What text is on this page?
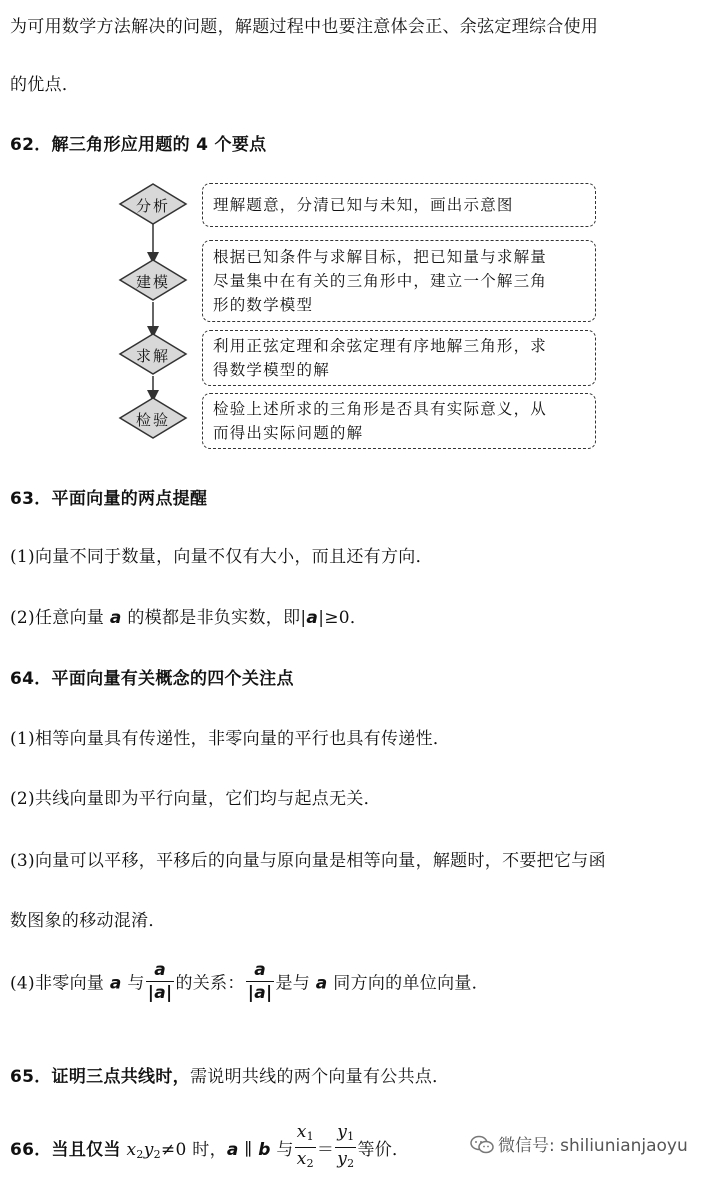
为可用数学方法解决的问题，解题过程中也要注意体会正、余弦定理综合使用
的优点．
62．解三角形应用题的 4 个要点
分析
建模
求解
检验
理解题意，分清已知与未知，画出示意图
根据已知条件与求解目标，把已知量与求解量
尽量集中在有关的三角形中，建立一个解三角
形的数学模型
利用正弦定理和余弦定理有序地解三角形，求
得数学模型的解
检验上述所求的三角形是否具有实际意义，从
而得出实际问题的解
63．平面向量的两点提醒
(1)向量不同于数量，向量不仅有大小，而且还有方向．
(2)任意向量 a 的模都是非负实数，即|a|≥0．
64．平面向量有关概念的四个关注点
(1)相等向量具有传递性，非零向量的平行也具有传递性．
(2)共线向量即为平行向量，它们均与起点无关．
(3)向量可以平移，平移后的向量与原向量是相等向量，解题时，不要把它与函
数图象的移动混淆．
(4)非零向量 a 与 $\frac{a}{|a|}$ 的关系： $\frac{a}{|a|}$ 是与 a 同方向的单位向量．
65．证明三点共线时，需说明共线的两个向量有公共点．
66．当且仅当 $x_2y_2\ne 0$ 时，a ∥ b 与 $\frac{x_1}{x_2} = \frac{y_1}{y_2}$ 等价．	微信号: shiliunianjaoyu
